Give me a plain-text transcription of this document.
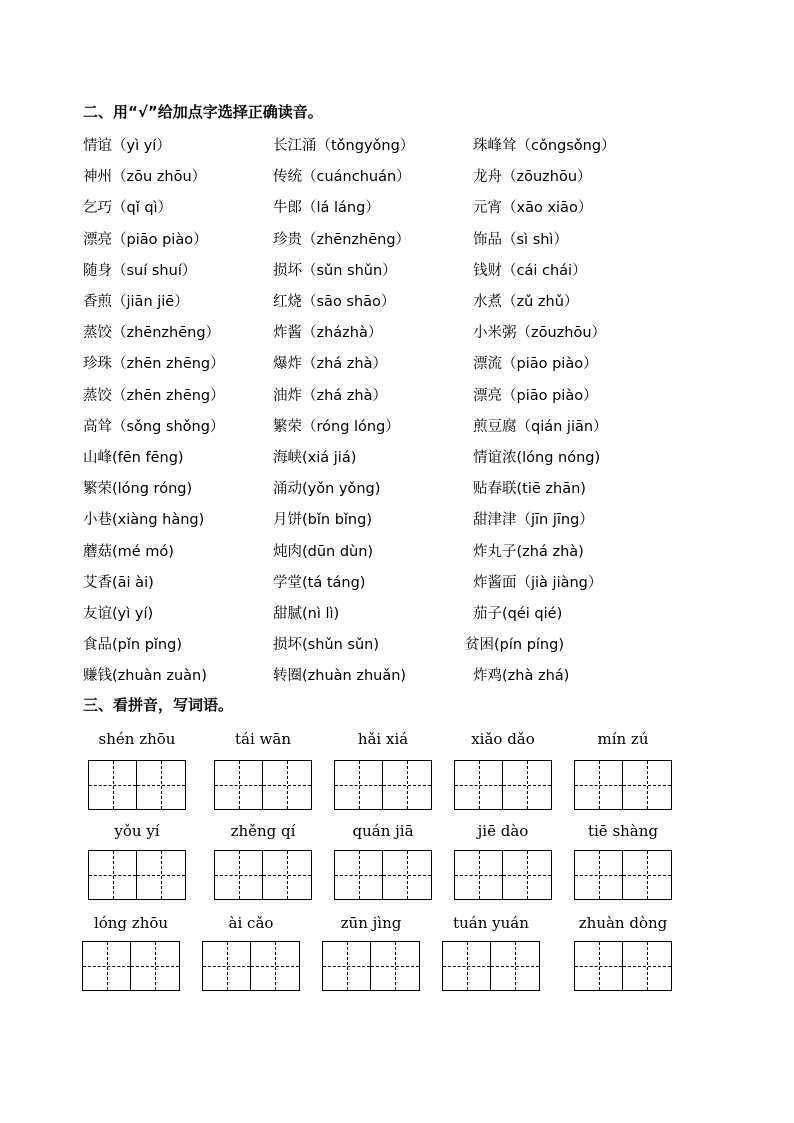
二、用“√”给加点字选择正确读音。
情谊（yì yí）	长江涌（tǒngyǒng）	珠峰耸（cǒngsǒng）
神州（zōu zhōu）	传统（cuánchuán）	龙舟（zōuzhōu）
乞巧（qǐ qì）	牛郎（lá láng）	元宵（xāo xiāo）
漂亮（piāo piào）	珍贵（zhēnzhēng）	饰品（sì shì）
随身（suí shuí）	损坏（sǔn shǔn）	钱财（cái chái）
香煎（jiān jiē）	红烧（sāo shāo）	水煮（zǔ zhǔ）
蒸饺（zhēnzhēng）	炸酱（zházhà）	小米粥（zōuzhōu）
珍珠（zhēn zhēng）	爆炸（zhá zhà）	漂流（piāo piào）
蒸饺（zhēn zhēng）	油炸（zhá zhà）	漂亮（piāo piào）
高耸（sǒng shǒng）	繁荣（róng lóng）	煎豆腐（qián jiān）
山峰(fēn fēng)	海峡(xiá jiá)	情谊浓(lóng nóng)
繁荣(lóng róng)	涌动(yǒn yǒng)	贴春联(tiē zhān)
小巷(xiàng hàng)	月饼(bǐn bǐng)	甜津津（jīn jīng）
蘑菇(mé mó)	炖肉(dūn dùn)	炸丸子(zhá zhà)
艾香(āi ài)	学堂(tá táng)	炸酱面（jià jiàng）
友谊(yì yí)	甜腻(nì lì)	茄子(qéi qié)
食品(pǐn pǐng)	损坏(shǔn sǔn)	贫困(pín píng)
赚钱(zhuàn zuàn)	转圈(zhuàn zhuǎn)	炸鸡(zhà zhá)
三、看拼音，写词语。
shén zhōu	tái wān	hǎi xiá	xiǎo dǎo	mín zú
yǒu yí	zhěng qí	quán jiā	jiē dào	tiē shàng
lóng zhōu	ài cǎo	zūn jìng	tuán yuán	zhuàn dòng
